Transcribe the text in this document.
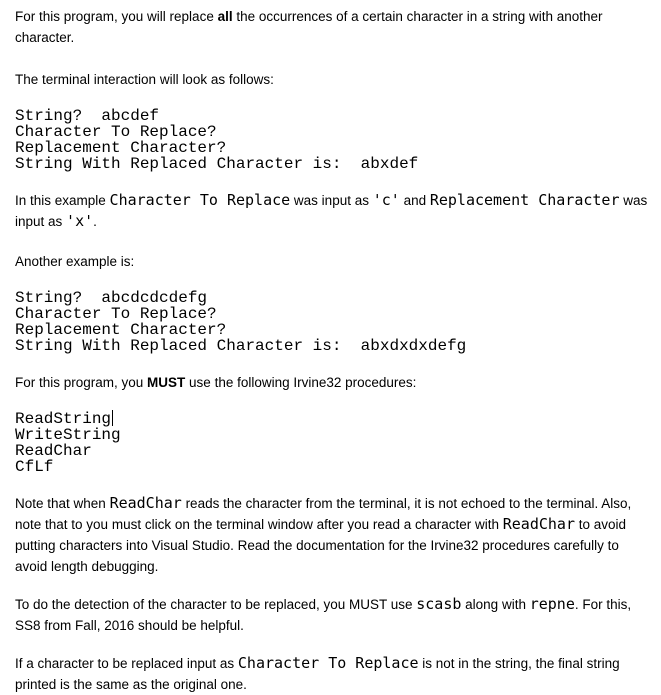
For this program, you will replace all the occurrences of a certain character in a string with another character.

The terminal interaction will look as follows:

String?  abcdef
Character To Replace?
Replacement Character?
String With Replaced Character is:  abxdef

In this example Character To Replace was input as 'c' and Replacement Character was input as 'x'.

Another example is:

String?  abcdcdcdefg
Character To Replace?
Replacement Character?
String With Replaced Character is:  abxdxdxdefg

For this program, you MUST use the following Irvine32 procedures:

ReadString
WriteString
ReadChar
CfLf

Note that when ReadChar reads the character from the terminal, it is not echoed to the terminal. Also, note that to you must click on the terminal window after you read a character with ReadChar to avoid putting characters into Visual Studio. Read the documentation for the Irvine32 procedures carefully to avoid length debugging.

To do the detection of the character to be replaced, you MUST use scasb along with repne. For this, SS8 from Fall, 2016 should be helpful.

If a character to be replaced input as Character To Replace is not in the string, the final string printed is the same as the original one.
